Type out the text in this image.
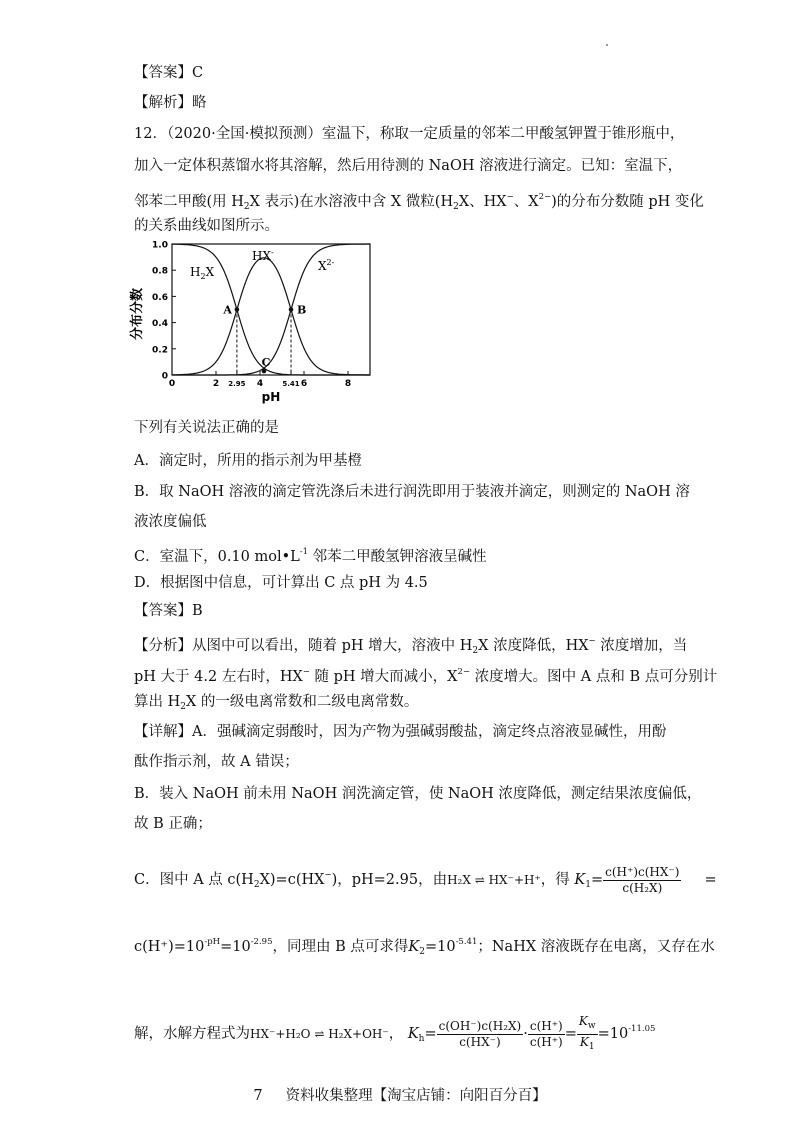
【答案】C
【解析】略
12．（2020·全国·模拟预测）室温下，称取一定质量的邻苯二甲酸氢钾置于锥形瓶中，
加入一定体积蒸馏水将其溶解，然后用待测的 NaOH 溶液进行滴定。已知：室温下，
邻苯二甲酸(用 $H_2X$ 表示)在水溶液中含 X 微粒($H_2X$、HX−、$X^{2-}$)的分布分数随 pH 变化
的关系曲线如图所示。
0
0.2
0.4
0.6
0.8
1.0
0	2 2.95 4	5.41 6	8
A	B
C
$H_2X$
HX-
$X^{2-}$
分布分数
pH
下列有关说法正确的是
A．滴定时，所用的指示剂为甲基橙
B．取 NaOH 溶液的滴定管洗涤后未进行润洗即用于装液并滴定，则测定的 NaOH 溶
液浓度偏低
C．室温下，0.10 $mol•L^{-1}$ 邻苯二甲酸氢钾溶液呈碱性
D．根据图中信息，可计算出 C 点 pH 为 4.5
【答案】B
【分析】从图中可以看出，随着 pH 增大，溶液中 $H_2X$ 浓度降低，HX− 浓度增加，当
pH 大于 4.2 左右时，HX− 随 pH 增大而减小，$X^{2-}$ 浓度增大。图中 A 点和 B 点可分别计
算出 $H_2X$ 的一级电离常数和二级电离常数。
【详解】A．强碱滴定弱酸时，因为产物为强碱弱酸盐，滴定终点溶液显碱性，用酚
酞作指示剂，故 A 错误；
B．装入 NaOH 前未用 NaOH 润洗滴定管，使 NaOH 浓度降低，测定结果浓度偏低，
故 B 正确；
C．图中 A 点 $c(H_2X)=c(HX^-)$，pH=2.95，由H₂X ⇌ HX⁻+H⁺，得 $K_1= \frac{c(H^+)c(HX^-)}{\text{c(H₂X)}}$ =
$c(H^+)=10^{-pH}=10^{-2.95}$，同理由 B 点可求得$K_2=10^{-5.41}$；NaHX 溶液既存在电离，又存在水
解，水解方程式为HX⁻+H₂O ⇌ H₂X+OH⁻， $K_h= \frac{\text{c(OH⁻)c(H₂X)}}{c(HX^-)} \cdot \frac{c(H^+)}{c(H^+)} = \frac{K_w}{K_1} =10^{-11.05}$
7 资料收集整理【淘宝店铺：向阳百分百】
